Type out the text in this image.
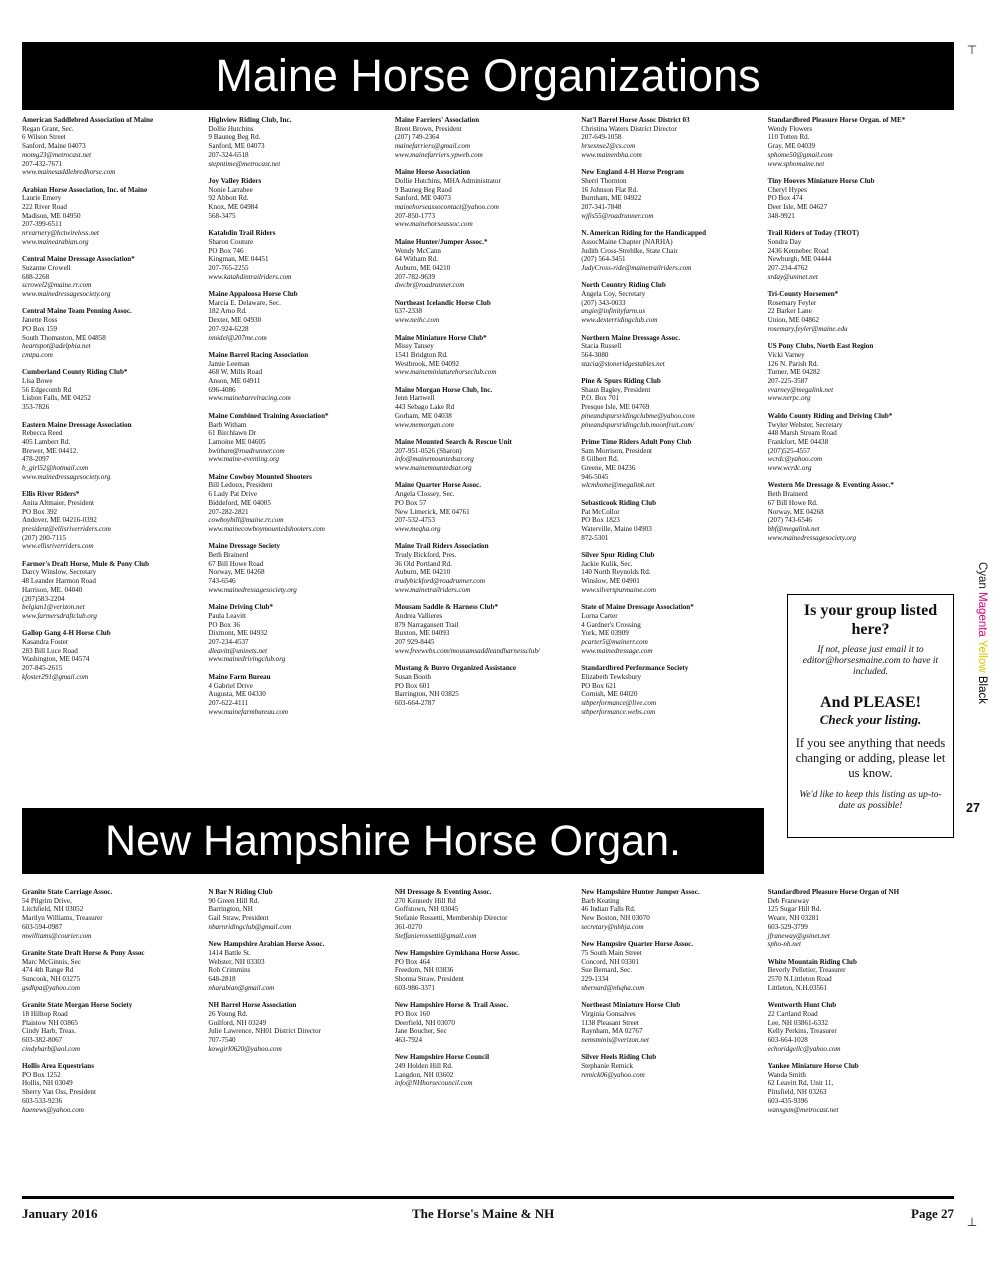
Maine Horse Organizations
American Saddlebred Association of Maine
Regan Grant, Sec.
6 Wilson Street
Sanford, Maine 04073
momg23@metrocast.net
207-432-7671
www.mainesaddlebredhorse.com
Arabian Horse Association, Inc. of Maine
Laurie Emery
222 River Road
Madison, ME 04950
207-399-6511
nrvarnery@hctwireless.net
www.mainearabian.org
Central Maine Dressage Association*
Suzanne Crowell
688-2268
scrowel2@maine.rr.com
www.mainedressagesociety.org
Central Maine Team Penning Assoc.
Janette Ross
PO Box 159
South Thomaston, ME 04858
heartspot@adelphia.net
cmtpa.com
Cumberland County Riding Club*
Lisa Bowe
56 Edgecomb Rd
Lisbon Falls, ME 04252
353-7826
Eastern Maine Dressage Association
Rebecca Reed
405 Lambert Rd.
Brewer, ME 04412.
478-2097
b_girl52@hotmail.com
www.mainedressagesociety.org
Ellis River Riders*
Anita Altmaier, President
PO Box 392
Andover, ME 04216-0392
president@ellisriverriders.com
(207) 200-7115
www.ellisriverriders.com
Farmer's Draft Horse, Mule & Pony Club
Darcy Winslow, Secretary
48 Leander Harmon Road
Harrison, ME. 04040
(207)583-2204
belgian1@verizon.net
www.farmersdraftclub.org
Gallop Gang 4-H Horse Club
Kasandra Foster
283 Bill Luce Road
Washington, ME 04574
207-845-2615
kfoster291@gmail.com
Highview Riding Club, Inc.
Dollie Hutchins
9 Bauneg Beg Rd.
Sanford, ME 04073
207-324-6518
stepntime@metrocast.net
Joy Valley Riders
Nonie Larrabee
92 Abbott Rd.
Knox, ME 04984
568-3475
Katahdin Trail Riders
Sharon Couture
PO Box 746
Kingman, ME 04451
207-765-2255
www.katahdintrailriders.com
Maine Appaloosa Horse Club
Marcia E. Delaware, Sec.
182 Arno Rd.
Dexter, ME 04930
207-924-6228
nmidel@207me.com
Maine Barrel Racing Association
Jamie Leeman
468 W. Mills Road
Anson, ME 04911
696-4086
www.mainebarrelracing.com
Maine Combined Training Association*
Barb Witham
61 Birchlawn Dr
Lamoine ME 04605
bwitham@roadrunner.com
www.maine-eventing.org
Maine Cowboy Mounted Shooters
Bill Ledoux, President
6 Lady Pat Drive
Biddeford, ME 04005
207-282-2821
cowboybill@maine.rr.com
www.mainecowboymountedshooters.com
Maine Dressage Society
Beth Brainerd
67 Bill Howe Road
Norway, ME 04268
743-6546
www.mainedressagesociety.org
Maine Driving Club*
Paula Leavitt
PO Box 36
Dixmont, ME 04932
207-234-4537
dleavitt@uninets.net
www.mainedrivingclub.org
Maine Farm Bureau
4 Gabriel Drive
Augusta, ME 04330
207-622-4111
www.mainefarmbureau.com
Maine Farriers' Association
Brent Brown, President
(207) 749-2364
mainefarriers@gmail.com
www.mainefarriers.ypweb.com
Maine Horse Association
Dollie Hutchins, MHA Administrator
9 Bauneg Beg Raod
Sanford, ME 04073
mainehorseassocontact@yahoo.com
207-850-1773
www.mainehorseassoc.com
Maine Hunter/Jumper Assoc.*
Wendy McCann
64 Witham Rd.
Auburn, ME 04210
207-782-9639
dwcbr@roadrunner.com
Northeast Icelandic Horse Club
637-2338
www.neihc.com
Maine Miniature Horse Club*
Missy Tansey
1541 Bridgton Rd.
Westbrook, ME 04092
www.maineminiaturehorseclub.com
Maine Morgan Horse Club, Inc.
Jenn Hartwell
443 Sebago Lake Rd
Gorham, ME 04038
www.memorgan.com
Maine Mounted Search & Rescue Unit
207-951-0526 (Sharon)
info@mainemountedsar.org
www.mainemountedsar.org
Maine Quarter Horse Assoc.
Angela Clossey, Sec.
PO Box 57
New Limerick, ME 04761
207-532-4753
www.meqha.org
Maine Trail Riders Association
Trudy Bickford, Pres.
36 Old Portland Rd.
Auburn, ME 04210
trudybickford@roadrunner.com
www.mainetrailriders.com
Mousam Saddle & Harness Club*
Andrea Vallieres
879 Narragansett Trail
Buxton, ME 04093
207 929-8445
www.freewebs.com/mousamsaddleandharnessclub/
Mustang & Burro Organized Assistance
Susan Booth
PO Box 601
Barrington, NH 03825
603-664-2787
Nat'l Barrel Horse Assoc District 03
Christina Waters District Director
207-649-1058
hrsesnse2@cs.com
www.mainenbha.com
New England 4-H Horse Program
Sherri Thornton
16 Johnson Flat Rd.
Burnham, ME 04922
207-341-7848
wjfis55@roadrunner.com
N. American Riding for the Handicapped
AssocMaine Chapter (NARHA)
Judith Cross-Strehlke, State Chair
(207) 564-3451
JudyCross-ride@mainetrailriders.com
North Country Riding Club
Angela Coy, Secretary
(207) 343-0033
angie@infinityfarm.us
www.dexterridingclub.com
Northern Maine Dressage Assoc.
Stacia Russell
564-3080
stacia@stoneridgestables.net
Pine & Spurs Riding Club
Shaun Bagley, President
P.O. Box 701
Presque Isle, ME 04769
pineandspursridingclubme@yahoo.com
pineandspursridingclub.moonfruit.com/
Prime Time Riders Adult Pony Club
Sam Morrison, President
8 Gilbert Rd.
Greene, ME 04236
946-5045
wlcmhome@megalink.net
Sebasticook Riding Club
Pat McCollor
PO Box 1823
Waterville, Maine 04903
872-5301
Silver Spur Riding Club
Jackie Kulik, Sec.
140 North Reynolds Rd.
Winslow, ME 04901
www.silverspurmaine.com
State of Maine Dressage Association*
Lorna Carter
4 Gardner's Crossing
York, ME 03909
pcarter5@mainerr.com
www.mainedressage.com
Standardbred Performance Society
Elizabeth Tewksbury
PO Box 621
Cornish, ME 04020
stbperformance@live.com
stbperformance.webs.com
Standardbred Pleasure Horse Organ. of ME*
Wendy Flowers
110 Totten Rd.
Gray, ME 04039
sphome50@gmail.com
www.sphomaine.net
Tiny Hooves Miniature Horse Club
Cheryl Hypes
PO Box 474
Deer Isle, ME 04627
348-9921
Trail Riders of Today (TROT)
Sondra Day
2436 Kennebec Road
Newburgh, ME 04444
207-234-4762
srday@uninet.net
Tri-County Horsemen*
Rosemary Feyler
22 Barker Lane
Union, ME 04862
rosemary.feyler@maine.edu
US Pony Clubs, North East Region
Vicki Varney
126 N. Parish Rd.
Turner, ME 04282
207-225-3587
vvarney@megalink.net
www.nerpc.org
Waldo County Riding and Driving Club*
Twyler Webster, Secretary
448 Marsh Stream Road
Frankfort, ME 04438
(207)525-4557
wcrdc@yahoo.com
www.wcrdc.org
Western Me Dressage & Eventing Assoc.*
Beth Brainerd
67 Bill Howe Rd.
Norway, ME 04268
(207) 743-6546
bbf@megalink.net
www.mainedressagesociety.org
Is your group listed here?
If not, please just email it to editor@horsesmaine.com to have it included.
And PLEASE!
Check your listing.
If you see anything that needs changing or adding, please let us know.
We'd like to keep this listing as up-to-date as possible!
Cyan Magenta Yellow Black
27
⊤
⊥
New Hampshire Horse Organ.
Granite State Carriage Assoc.
54 Pilgrim Drive,
Litchfield, NH 03052
Marilyn Williams, Treasurer
603-594-0987
mwilliams@courier.com
Granite State Draft Horse & Pony Assoc
Marc McGinnis, Sec
474 4th Range Rd
Suncook, NH 03275
gsdhpa@yahoo.com
Granite State Morgan Horse Society
18 Hilltop Road
Plaistow NH 03865
Cindy Harb, Treas.
603-382-8067
cindyharb@aol.com
Hollis Area Equestrians
PO Box 1252
Hollis, NH 03049
Sherry Van Oss, President
603-533-9236
haenews@yahoo.com
N Bar N Riding Club
90 Green Hill Rd.
Barrington, NH
Gail Straw, President
nbarnridingclub@gmail.com
New Hampshire Arabian Horse Assoc.
1414 Battle St.
Webster, NH 03303
Rob Crimmins
648-2818
nharabian@gmail.com
NH Barrel Horse Association
26 Young Rd.
Guilford, NH 03249
Julie Lawrence, NH01 District Director
707-7540
kowgirl0620@yahoo.com
NH Dressage & Eventing Assoc.
270 Kennedy Hill Rd
Goffstown, NH 03045
Stefanie Rossetti, Membership Director
361-0270
Steffanierossetti@gmail.com
New Hampshire Gymkhana Horse Assoc.
PO Box 464
Freedom, NH 03836
Shonna Straw, President
603-986-3371
New Hampshire Horse & Trail Assoc.
PO Box 160
Deerfield, NH 03070
Jane Boucher, Sec
463-7924
New Hampshire Horse Council
249 Holden Hill Rd.
Langdon, NH 03602
info@NHhorsecouncil.com
New Hampshire Hunter Jumper Assoc.
Barb Keating
46 Indian Falls Rd.
New Boston, NH 03070
secretary@nhhja.com
New Hampsire Quarter Horse Assoc.
75 South Main Street
Concord, NH 03301
Sue Bernard, Sec.
229-1334
sbernard@nhqha.com
Northeast Miniature Horse Club
Virginia Gonsalves
1138 Pleasant Street
Raynham, MA 02767
nemsminis@verizon.net
Silver Heels Riding Club
Stephanie Remick
remick06@yahoo.com
Standardbred Pleasure Horse Organ of NH
Deb Franeway
125 Sugar Hill Rd.
Weare, NH 03281
603-529-3799
jfraneway@gsinet.net
spho-nh.net
White Mountain Riding Club
Beverly Pelletier, Treasurer
2570 N.Littleton Road
Littleton, N.H.03561
Wentworth Hunt Club
22 Cartland Road
Lee, NH 03861-6332
Kelly Perkins, Treasurer
603-664-1028
echoridgellc@yahoo.com
Yankee Miniature Horse Club
Wanda Smith
62 Leavitt Rd, Unit 11,
Pittsfield, NH 03263
603-435-9396
wansgsm@metrocast.net
January 2016	The Horse's Maine & NH	Page 27
